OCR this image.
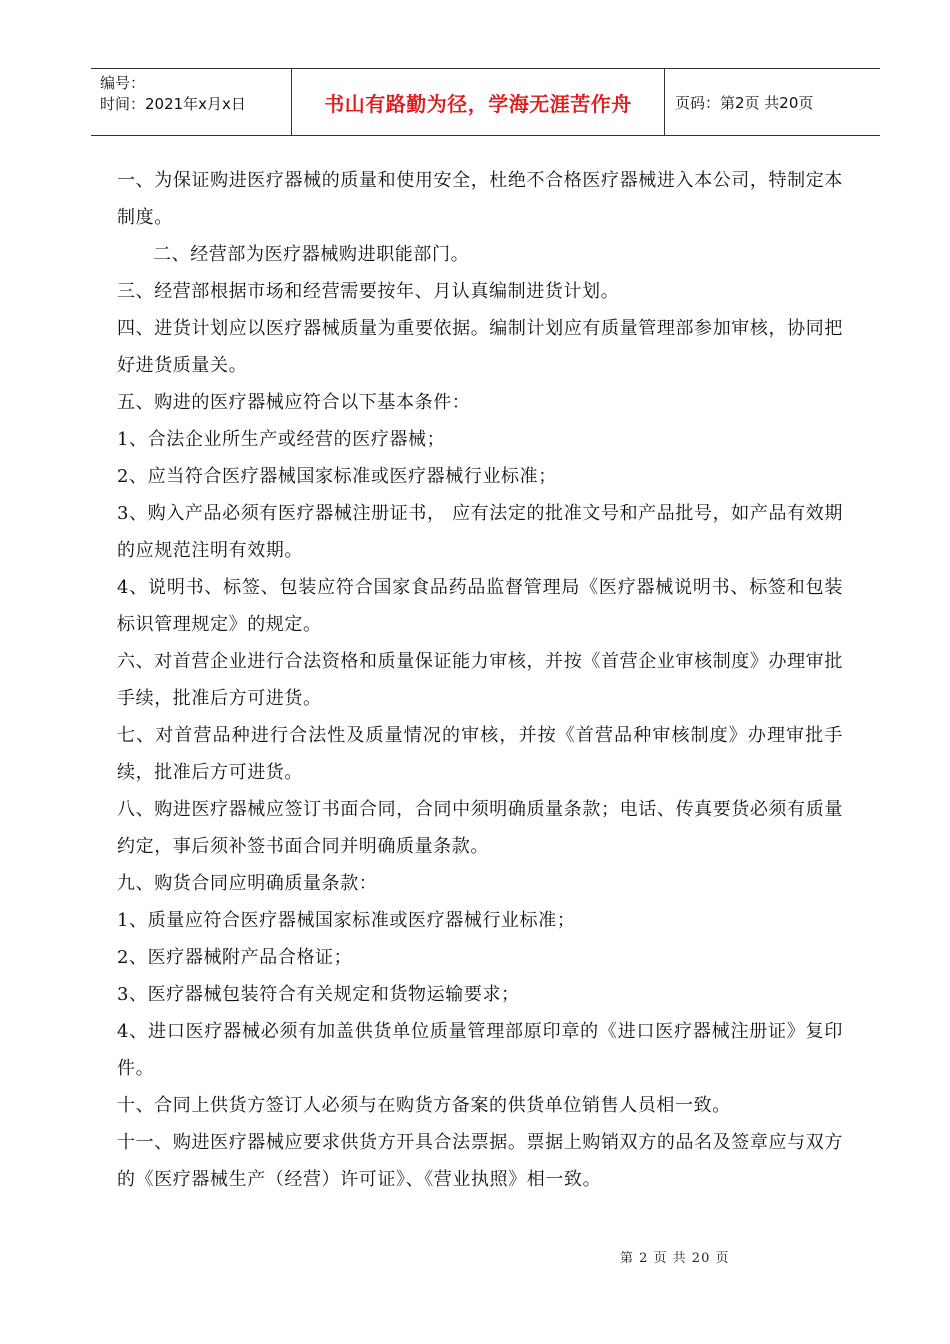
编号：
时间：2021年x月x日	书山有路勤为径，学海无涯苦作舟	页码：第2页 共20页

一、为保证购进医疗器械的质量和使用安全，杜绝不合格医疗器械进入本公司，特制定本制度。

二、经营部为医疗器械购进职能部门。

三、经营部根据市场和经营需要按年、月认真编制进货计划。

四、进货计划应以医疗器械质量为重要依据。编制计划应有质量管理部参加审核，协同把好进货质量关。

五、购进的医疗器械应符合以下基本条件：

1、合法企业所生产或经营的医疗器械；

2、应当符合医疗器械国家标准或医疗器械行业标准；

3、购入产品必须有医疗器械注册证书， 应有法定的批准文号和产品批号，如产品有效期的应规范注明有效期。

4、说明书、标签、包装应符合国家食品药品监督管理局《医疗器械说明书、标签和包装标识管理规定》的规定。

六、对首营企业进行合法资格和质量保证能力审核，并按《首营企业审核制度》办理审批手续，批准后方可进货。

七、对首营品种进行合法性及质量情况的审核，并按《首营品种审核制度》办理审批手续，批准后方可进货。

八、购进医疗器械应签订书面合同，合同中须明确质量条款；电话、传真要货必须有质量约定，事后须补签书面合同并明确质量条款。

九、购货合同应明确质量条款：

1、质量应符合医疗器械国家标准或医疗器械行业标准；

2、医疗器械附产品合格证；

3、医疗器械包装符合有关规定和货物运输要求；

4、进口医疗器械必须有加盖供货单位质量管理部原印章的《进口医疗器械注册证》复印件。

十、合同上供货方签订人必须与在购货方备案的供货单位销售人员相一致。

十一、购进医疗器械应要求供货方开具合法票据。票据上购销双方的品名及签章应与双方的《医疗器械生产（经营）许可证》、《营业执照》相一致。

第 2 页 共 20 页
